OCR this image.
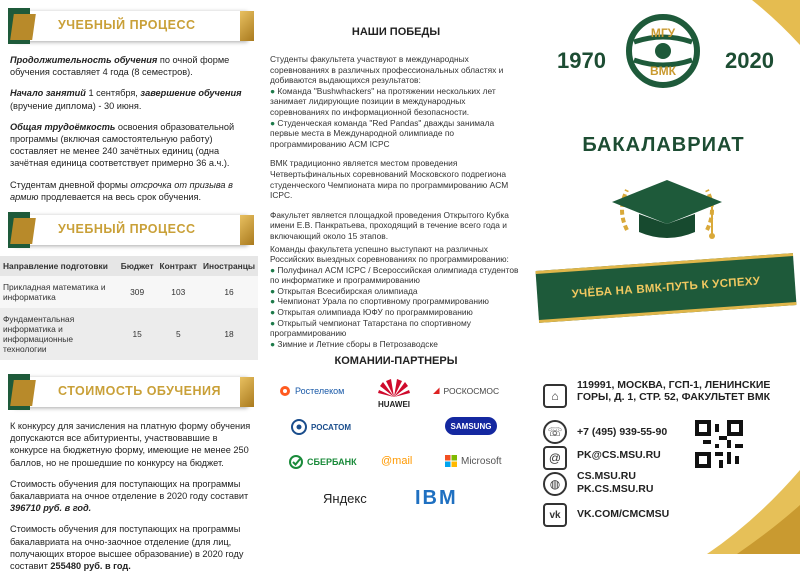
УЧЕБНЫЙ ПРОЦЕСС

Продолжительность обучения по очной форме обучения составляет 4 года (8 семестров).

Начало занятий 1 сентября, завершение обучения (вручение диплома) - 30 июня.

Общая трудоёмкость освоения образовательной программы (включая самостоятельную работу) составляет не менее 240 зачётных единиц (одна зачётная единица соответствует примерно 36 а.ч.).

Студентам дневной формы отсрочка от призыва в армию продлевается на весь срок обучения.

УЧЕБНЫЙ ПРОЦЕСС
Направление подготовки	Бюджет	Контракт	Иностранцы
Прикладная математика и информатика	309	103	16
Фундаментальная информатика и информационные технологии	15	5	18
СТОИМОСТЬ ОБУЧЕНИЯ

К конкурсу для зачисления на платную форму обучения допускаются все абитуриенты, участвовавшие в конкурсе на бюджетную форму, имеющие не менее 250 баллов, но не прошедшие по конкурсу на бюджет.

Стоимость обучения для поступающих на программы бакалавриата на очное отделение в 2020 году составит 396710 руб. в год.

Стоимость обучения для поступающих на программы бакалавриата на очно-заочное отделение (для лиц, получающих второе высшее образование) в 2020 году составит 255480 руб. в год.

НАШИ ПОБЕДЫ

Студенты факультета участвуют в международных соревнованиях в различных профессиональных областях и добиваются выдающихся результатов:
● Команда "Bushwhackers" на протяжении нескольких лет занимает лидирующие позиции в международных соревнованиях по информационной безопасности.
● Студенческая команда "Red Pandas" дважды занимала первые места в Международной олимпиаде по программированию ACM ICPC

ВМК традиционно является местом проведения Четвертьфинальных соревнований Московского подрегиона студенческого Чемпионата мира по программированию ACM ICPC.

Факультет является площадкой проведения Открытого Кубка имени Е.В. Панкратьева, проходящий в течение всего года и включающий около 15 этапов.

Команды факультета успешно выступают на различных Российских выездных соревнованиях по программированию:

● Полуфинал ACM ICPC / Всероссийская олимпиада студентов по информатике и программированию
● Открытая Всесибирская олимпиада
● Чемпионат Урала по спортивному программированию
● Открытая олимпиада ЮФУ по программированию
● Открытый чемпионат Татарстана по спортивному программированию
● Зимние и Летние сборы в Петрозаводске
КОМАНИИ-ПАРТНЕРЫ
Ростелеком
HUAWEI
◢ РОСКОСМОС
РОСАТОМ	SAMSUNG
СБЕРБАНК @mail	Microsoft
Яндекс IBM
МГУ
ВМК
1970	2020
БАКАЛАВРИАТ
УЧЁБА НА ВМК-ПУТЬ К УСПЕХУ
⌂
119991, МОСКВА, ГСП-1, ЛЕНИНСКИЕ ГОРЫ, Д. 1, СТР. 52, ФАКУЛЬТЕТ ВМК
☏	+7 (495) 939-55-90
@	PK@CS.MSU.RU
◍
CS.MSU.RU
PK.CS.MSU.RU
vk	VK.COM/CMCMSU
